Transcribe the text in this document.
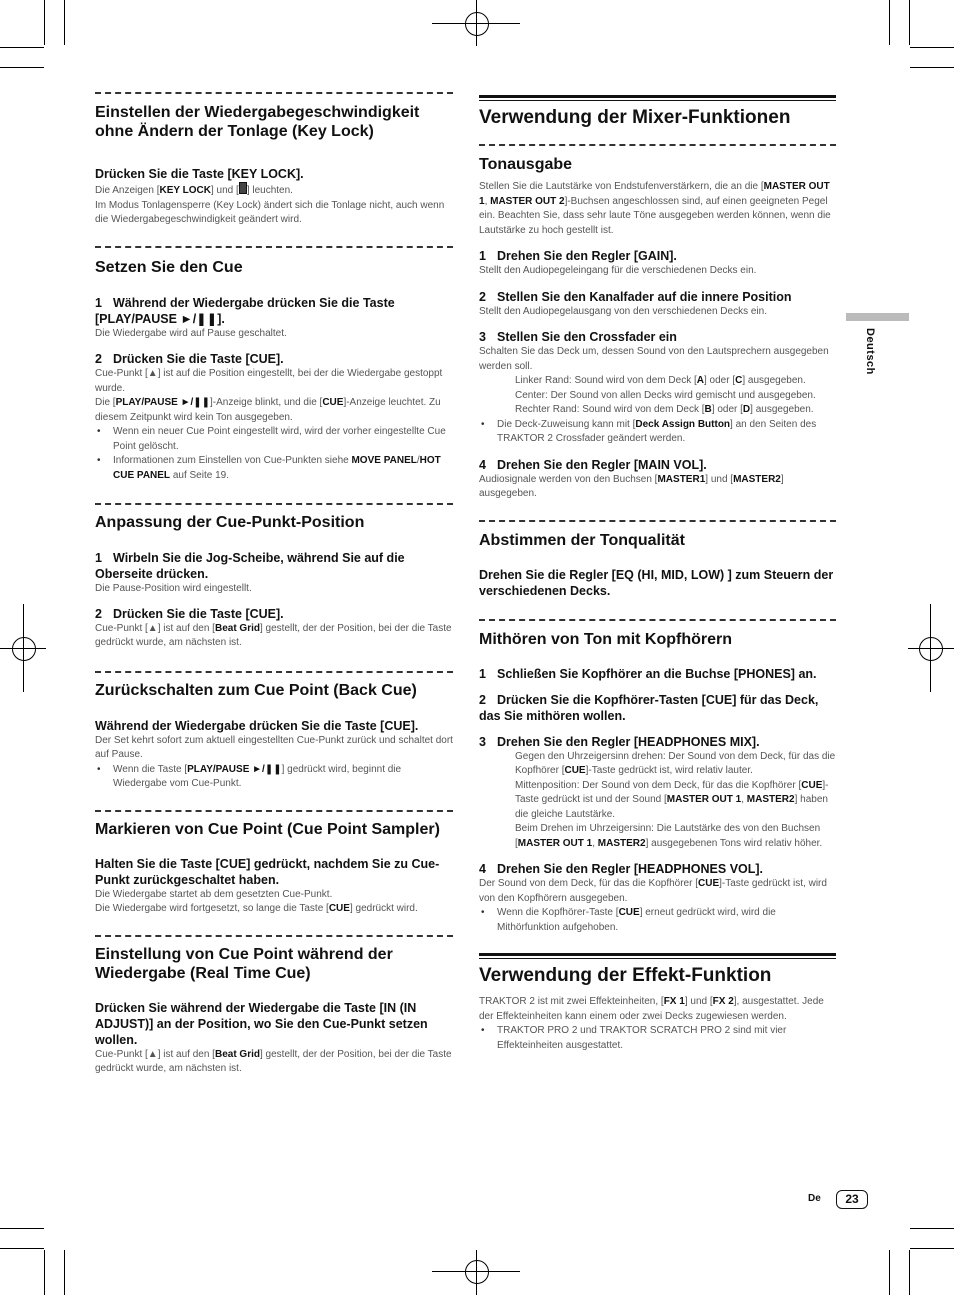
Einstellen der Wiedergabegeschwindigkeit ohne Ändern der Tonlage (Key Lock)
Drücken Sie die Taste [KEY LOCK].
Die Anzeigen [KEY LOCK] und [ ] leuchten.
Im Modus Tonlagensperre (Key Lock) ändert sich die Tonlage nicht, auch wenn die Wiedergabegeschwindigkeit geändert wird.
Setzen Sie den Cue
1 Während der Wiedergabe drücken Sie die Taste [PLAY/PAUSE ►/❚❚].
Die Wiedergabe wird auf Pause geschaltet.
2 Drücken Sie die Taste [CUE].
Cue-Punkt [▲] ist auf die Position eingestellt, bei der die Wiedergabe gestoppt wurde.
Die [PLAY/PAUSE ►/❚❚]-Anzeige blinkt, und die [CUE]-Anzeige leuchtet. Zu diesem Zeitpunkt wird kein Ton ausgegeben.
• Wenn ein neuer Cue Point eingestellt wird, wird der vorher eingestellte Cue Point gelöscht.
• Informationen zum Einstellen von Cue-Punkten siehe MOVE PANEL/HOT CUE PANEL auf Seite 19.
Anpassung der Cue-Punkt-Position
1 Wirbeln Sie die Jog-Scheibe, während Sie auf die Oberseite drücken.
Die Pause-Position wird eingestellt.
2 Drücken Sie die Taste [CUE].
Cue-Punkt [▲] ist auf den [Beat Grid] gestellt, der der Position, bei der die Taste gedrückt wurde, am nächsten ist.
Zurückschalten zum Cue Point (Back Cue)
Während der Wiedergabe drücken Sie die Taste [CUE].
Der Set kehrt sofort zum aktuell eingestellten Cue-Punkt zurück und schaltet dort auf Pause.
• Wenn die Taste [PLAY/PAUSE ►/❚❚] gedrückt wird, beginnt die Wiedergabe vom Cue-Punkt.
Markieren von Cue Point (Cue Point Sampler)
Halten Sie die Taste [CUE] gedrückt, nachdem Sie zu Cue-Punkt zurückgeschaltet haben.
Die Wiedergabe startet ab dem gesetzten Cue-Punkt.
Die Wiedergabe wird fortgesetzt, so lange die Taste [CUE] gedrückt wird.
Einstellung von Cue Point während der Wiedergabe (Real Time Cue)
Drücken Sie während der Wiedergabe die Taste [IN (IN ADJUST)] an der Position, wo Sie den Cue-Punkt setzen wollen.
Cue-Punkt [▲] ist auf den [Beat Grid] gestellt, der der Position, bei der die Taste gedrückt wurde, am nächsten ist.
Verwendung der Mixer-Funktionen
Tonausgabe
Stellen Sie die Lautstärke von Endstufenverstärkern, die an die [MASTER OUT 1, MASTER OUT 2]-Buchsen angeschlossen sind, auf einen geeigneten Pegel ein. Beachten Sie, dass sehr laute Töne ausgegeben werden können, wenn die Lautstärke zu hoch gestellt ist.
1 Drehen Sie den Regler [GAIN].
Stellt den Audiopegeleingang für die verschiedenen Decks ein.
2 Stellen Sie den Kanalfader auf die innere Position
Stellt den Audiopegelausgang von den verschiedenen Decks ein.
3 Stellen Sie den Crossfader ein
Schalten Sie das Deck um, dessen Sound von den Lautsprechern ausgegeben werden soll.
Linker Rand: Sound wird von dem Deck [A] oder [C] ausgegeben.
Center: Der Sound von allen Decks wird gemischt und ausgegeben.
Rechter Rand: Sound wird von dem Deck [B] oder [D] ausgegeben.
• Die Deck-Zuweisung kann mit [Deck Assign Button] an den Seiten des TRAKTOR 2 Crossfader geändert werden.
4 Drehen Sie den Regler [MAIN VOL].
Audiosignale werden von den Buchsen [MASTER1] und [MASTER2] ausgegeben.
Abstimmen der Tonqualität
Drehen Sie die Regler [EQ (HI, MID, LOW) ] zum Steuern der verschiedenen Decks.
Mithören von Ton mit Kopfhörern
1 Schließen Sie Kopfhörer an die Buchse [PHONES] an.
2 Drücken Sie die Kopfhörer-Tasten [CUE] für das Deck, das Sie mithören wollen.
3 Drehen Sie den Regler [HEADPHONES MIX].
Gegen den Uhrzeigersinn drehen: Der Sound von dem Deck, für das die Kopfhörer [CUE]-Taste gedrückt ist, wird relativ lauter.
Mittenposition: Der Sound von dem Deck, für das die Kopfhörer [CUE]-Taste gedrückt ist und der Sound [MASTER OUT 1, MASTER2] haben die gleiche Lautstärke.
Beim Drehen im Uhrzeigersinn: Die Lautstärke des von den Buchsen [MASTER OUT 1, MASTER2] ausgegebenen Tons wird relativ höher.
4 Drehen Sie den Regler [HEADPHONES VOL].
Der Sound von dem Deck, für das die Kopfhörer [CUE]-Taste gedrückt ist, wird von den Kopfhörern ausgegeben.
• Wenn die Kopfhörer-Taste [CUE] erneut gedrückt wird, wird die Mithörfunktion aufgehoben.
Verwendung der Effekt-Funktion
TRAKTOR 2 ist mit zwei Effekteinheiten, [FX 1] und [FX 2], ausgestattet. Jede der Effekteinheiten kann einem oder zwei Decks zugewiesen werden.
• TRAKTOR PRO 2 und TRAKTOR SCRATCH PRO 2 sind mit vier Effekteinheiten ausgestattet.
Deutsch
De	23
